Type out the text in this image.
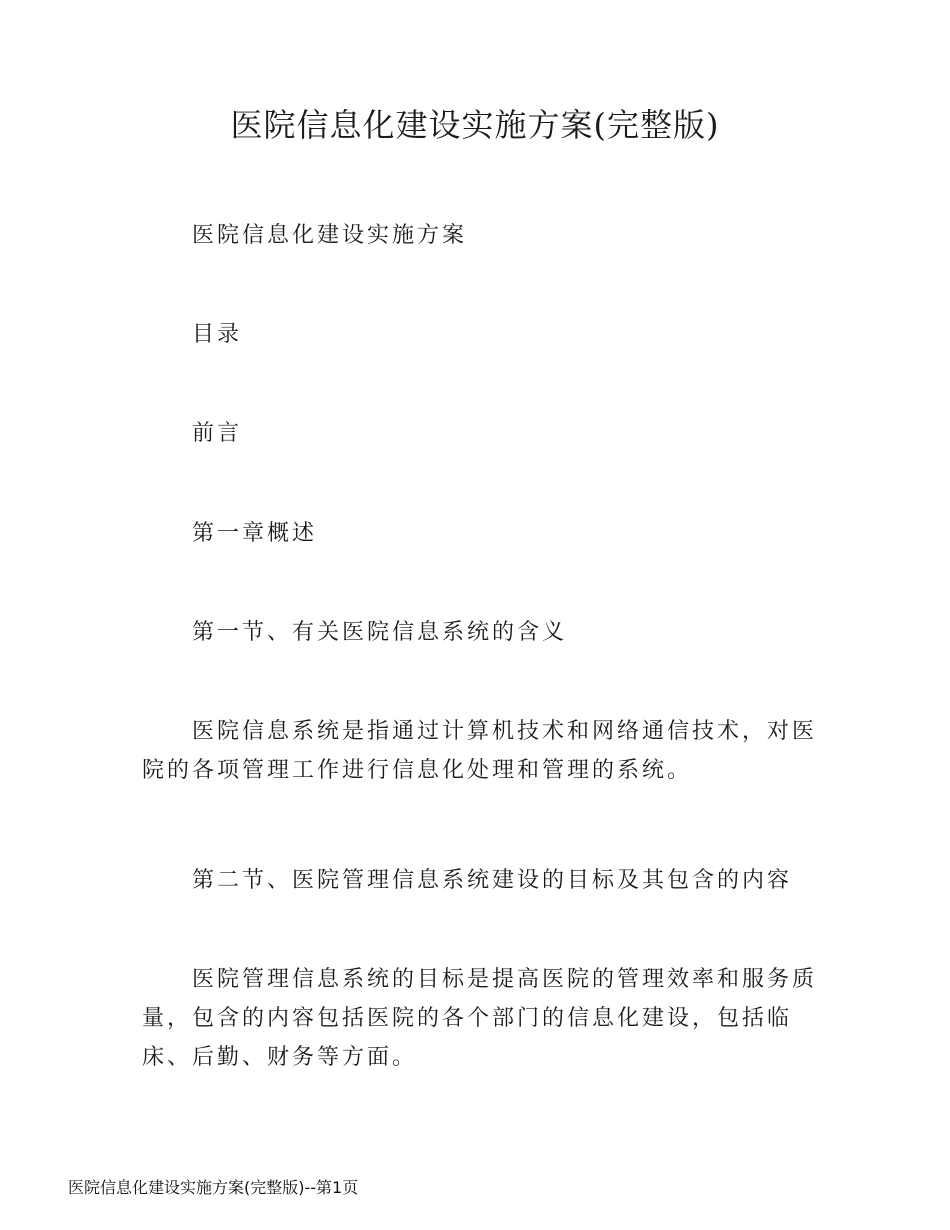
医院信息化建设实施方案(完整版)

医院信息化建设实施方案

目录

前言

第一章概述

第一节、有关医院信息系统的含义

医院信息系统是指通过计算机技术和网络通信技术，对医院的各项管理工作进行信息化处理和管理的系统。

第二节、医院管理信息系统建设的目标及其包含的内容

医院管理信息系统的目标是提高医院的管理效率和服务质量，包含的内容包括医院的各个部门的信息化建设，包括临床、后勤、财务等方面。

医院信息化建设实施方案(完整版)--第1页
